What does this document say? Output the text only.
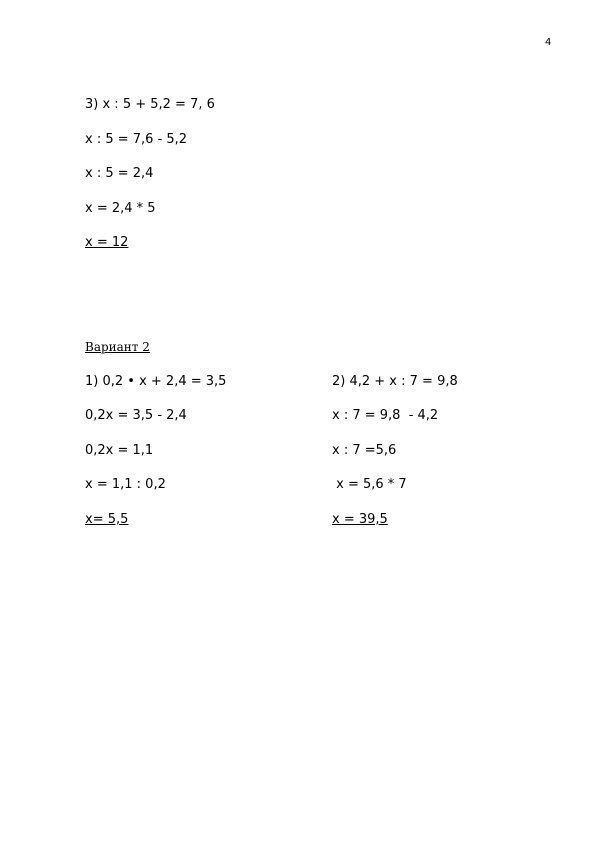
4
3) x : 5 + 5,2 = 7, 6
x : 5 = 7,6 - 5,2
x : 5 = 2,4
x = 2,4 * 5
x = 12
Вариант 2
1) 0,2 • x + 2,4 = 3,5
0,2x = 3,5 - 2,4
0,2x = 1,1
x = 1,1 : 0,2
x= 5,5
2) 4,2 + x : 7 = 9,8
x : 7 = 9,8  - 4,2
x : 7 =5,6
x = 5,6 * 7
x = 39,5
